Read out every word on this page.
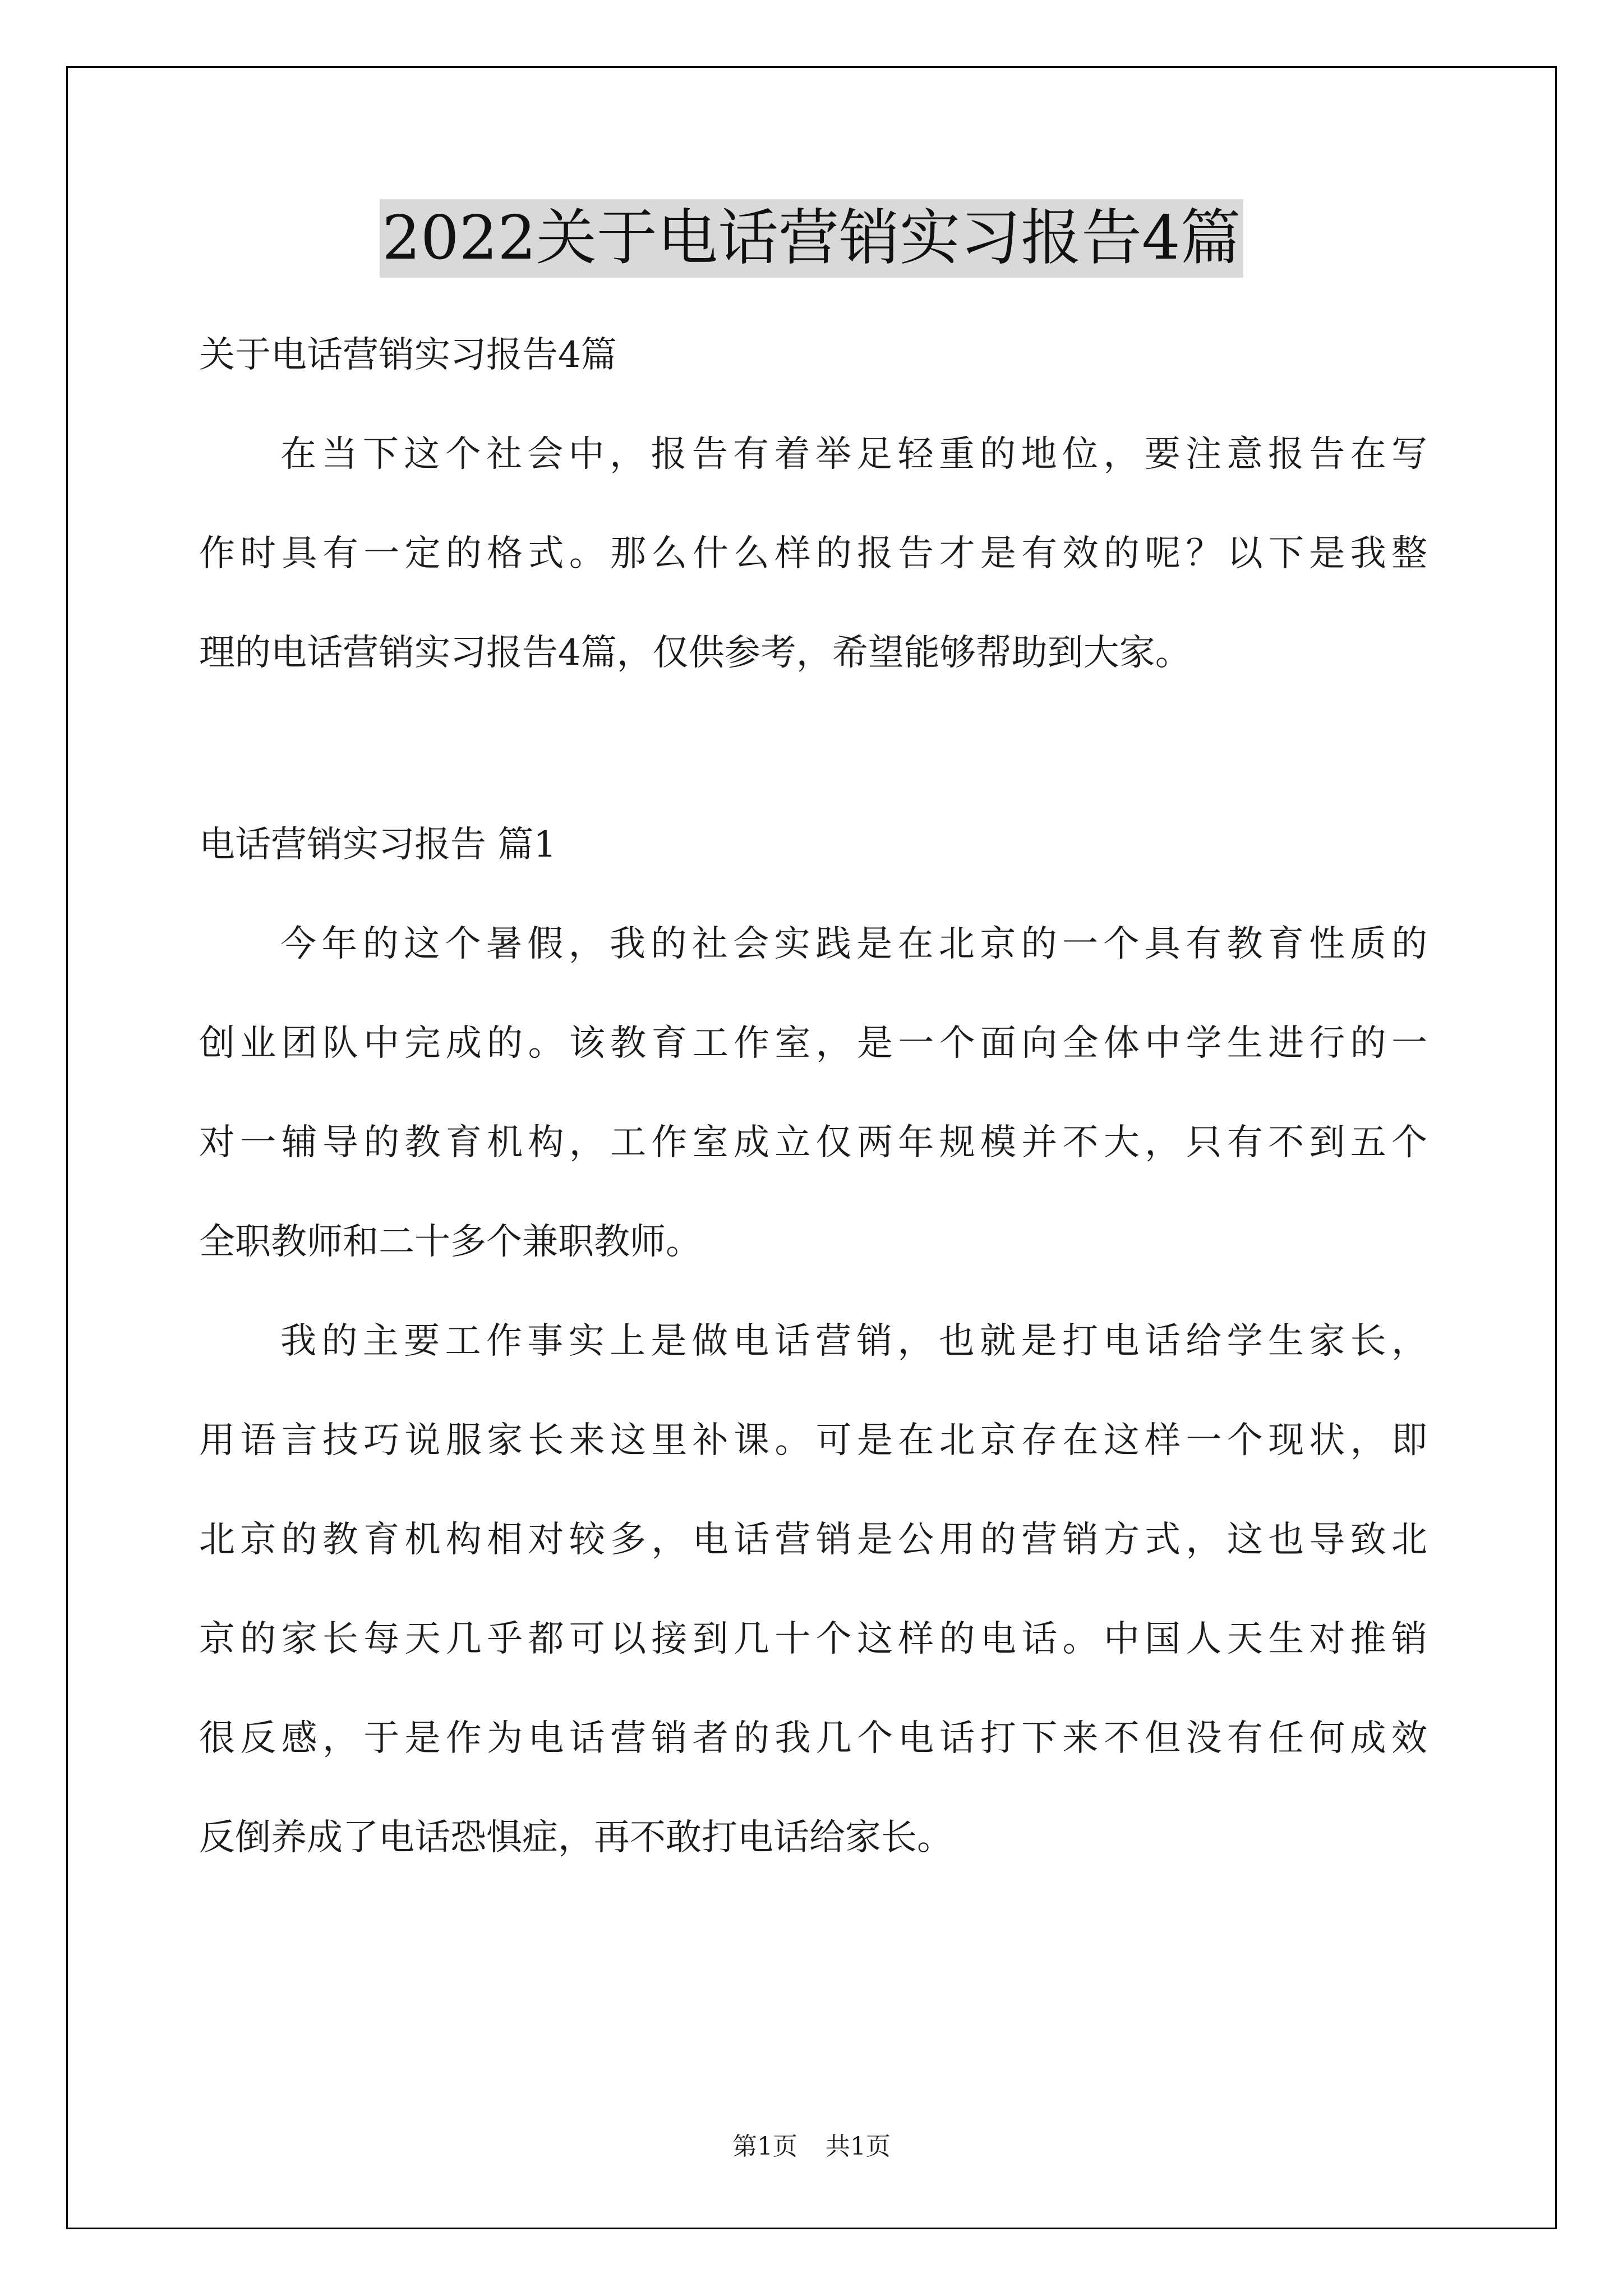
2022关于电话营销实习报告4篇
关于电话营销实习报告4篇
在当下这个社会中，报告有着举足轻重的地位，要注意报告在写
作时具有一定的格式。那么什么样的报告才是有效的呢？以下是我整
理的电话营销实习报告4篇，仅供参考，希望能够帮助到大家。
电话营销实习报告 篇1
今年的这个暑假，我的社会实践是在北京的一个具有教育性质的
创业团队中完成的。该教育工作室，是一个面向全体中学生进行的一
对一辅导的教育机构，工作室成立仅两年规模并不大，只有不到五个
全职教师和二十多个兼职教师。
我的主要工作事实上是做电话营销，也就是打电话给学生家长，
用语言技巧说服家长来这里补课。可是在北京存在这样一个现状，即
北京的教育机构相对较多，电话营销是公用的营销方式，这也导致北
京的家长每天几乎都可以接到几十个这样的电话。中国人天生对推销
很反感，于是作为电话营销者的我几个电话打下来不但没有任何成效
反倒养成了电话恐惧症，再不敢打电话给家长。
第1页 共1页
